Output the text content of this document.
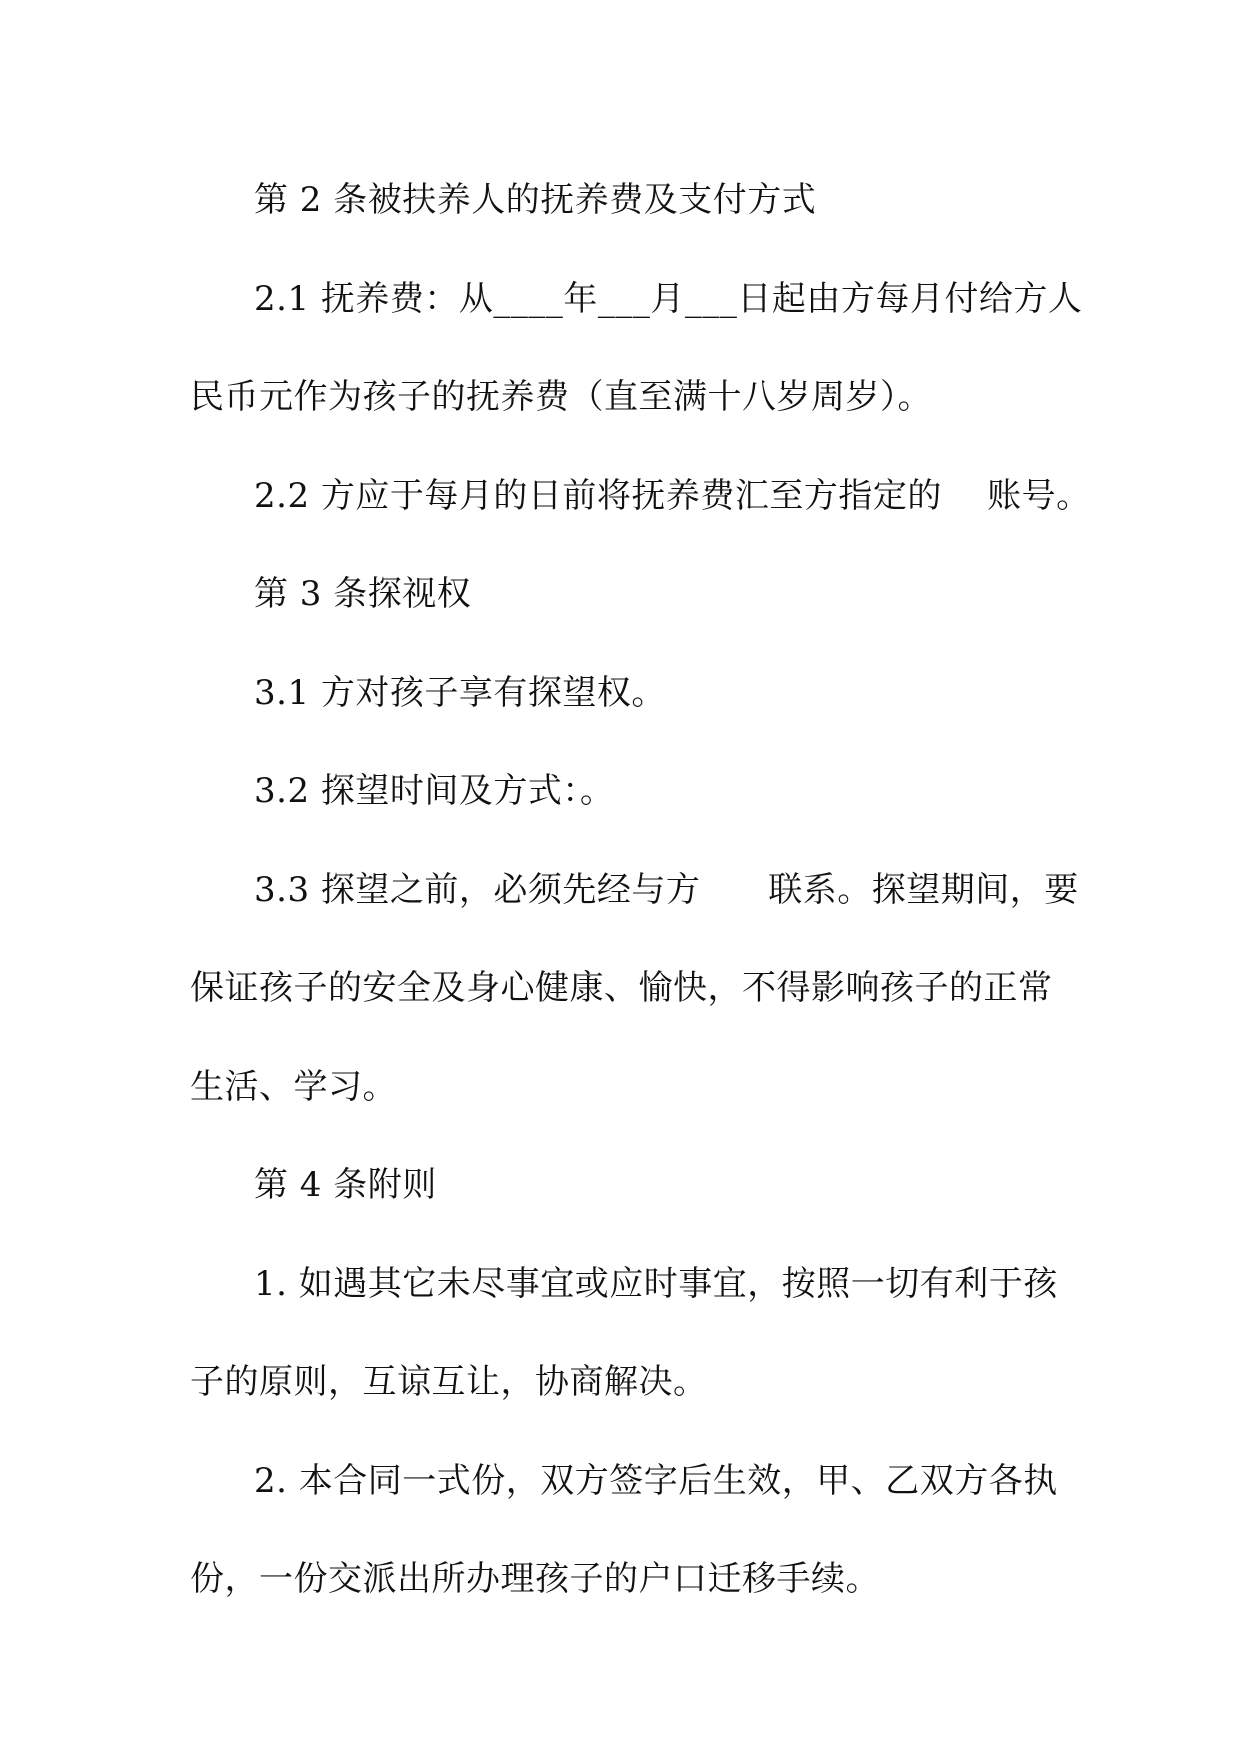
第 2 条被扶养人的抚养费及支付方式
2.1 抚养费：从____年___月___日起由方每月付给方人
民币元作为孩子的抚养费（直至满十八岁周岁）。
2.2 方应于每月的日前将抚养费汇至方指定的    账号。
第 3 条探视权
3.1 方对孩子享有探望权。
3.2 探望时间及方式：。
3.3 探望之前，必须先经与方      联系。探望期间，要
保证孩子的安全及身心健康、愉快，不得影响孩子的正常
生活、学习。
第 4 条附则
1. 如遇其它未尽事宜或应时事宜，按照一切有利于孩
子的原则，互谅互让，协商解决。
2. 本合同一式份，双方签字后生效，甲、乙双方各执
份，一份交派出所办理孩子的户口迁移手续。
